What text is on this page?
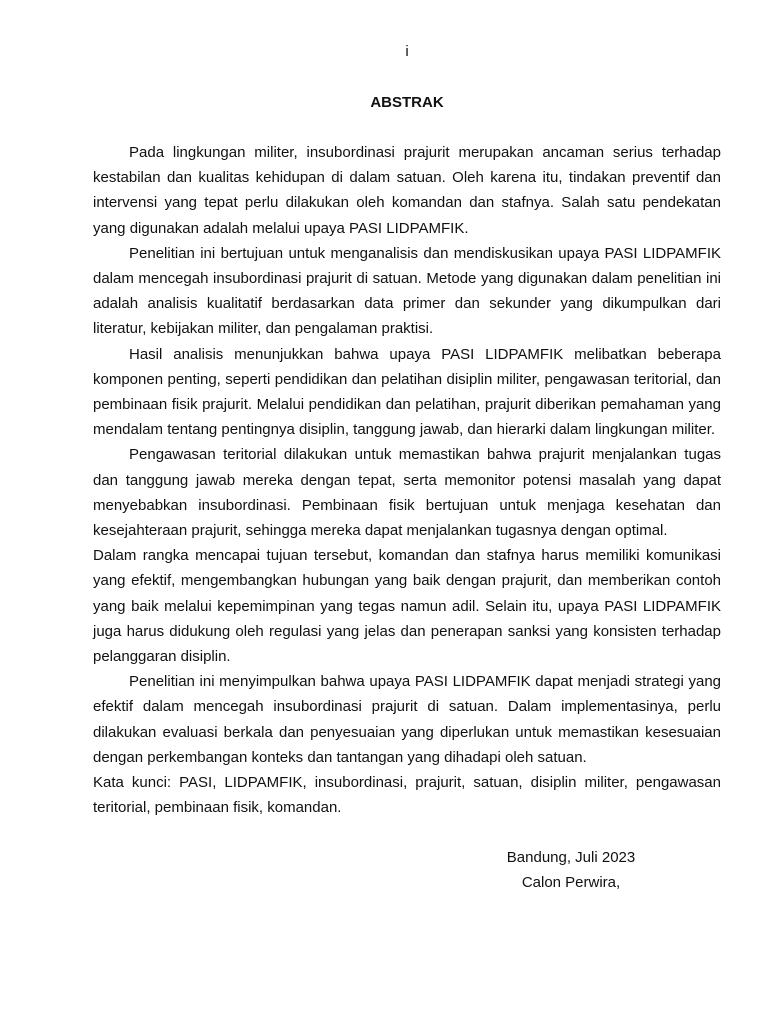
i
ABSTRAK

Pada lingkungan militer, insubordinasi prajurit merupakan ancaman serius terhadap kestabilan dan kualitas kehidupan di dalam satuan. Oleh karena itu, tindakan preventif dan intervensi yang tepat perlu dilakukan oleh komandan dan stafnya. Salah satu pendekatan yang digunakan adalah melalui upaya PASI LIDPAMFIK.

Penelitian ini bertujuan untuk menganalisis dan mendiskusikan upaya PASI LIDPAMFIK dalam mencegah insubordinasi prajurit di satuan. Metode yang digunakan dalam penelitian ini adalah analisis kualitatif berdasarkan data primer dan sekunder yang dikumpulkan dari literatur, kebijakan militer, dan pengalaman praktisi.

Hasil analisis menunjukkan bahwa upaya PASI LIDPAMFIK melibatkan beberapa komponen penting, seperti pendidikan dan pelatihan disiplin militer, pengawasan teritorial, dan pembinaan fisik prajurit. Melalui pendidikan dan pelatihan, prajurit diberikan pemahaman yang mendalam tentang pentingnya disiplin, tanggung jawab, dan hierarki dalam lingkungan militer.

Pengawasan teritorial dilakukan untuk memastikan bahwa prajurit menjalankan tugas dan tanggung jawab mereka dengan tepat, serta memonitor potensi masalah yang dapat menyebabkan insubordinasi. Pembinaan fisik bertujuan untuk menjaga kesehatan dan kesejahteraan prajurit, sehingga mereka dapat menjalankan tugasnya dengan optimal.

Dalam rangka mencapai tujuan tersebut, komandan dan stafnya harus memiliki komunikasi yang efektif, mengembangkan hubungan yang baik dengan prajurit, dan memberikan contoh yang baik melalui kepemimpinan yang tegas namun adil. Selain itu, upaya PASI LIDPAMFIK juga harus didukung oleh regulasi yang jelas dan penerapan sanksi yang konsisten terhadap pelanggaran disiplin.

Penelitian ini menyimpulkan bahwa upaya PASI LIDPAMFIK dapat menjadi strategi yang efektif dalam mencegah insubordinasi prajurit di satuan. Dalam implementasinya, perlu dilakukan evaluasi berkala dan penyesuaian yang diperlukan untuk memastikan kesesuaian dengan perkembangan konteks dan tantangan yang dihadapi oleh satuan.

Kata kunci: PASI, LIDPAMFIK, insubordinasi, prajurit, satuan, disiplin militer, pengawasan teritorial, pembinaan fisik, komandan.

Bandung, Juli 2023
Calon Perwira,
